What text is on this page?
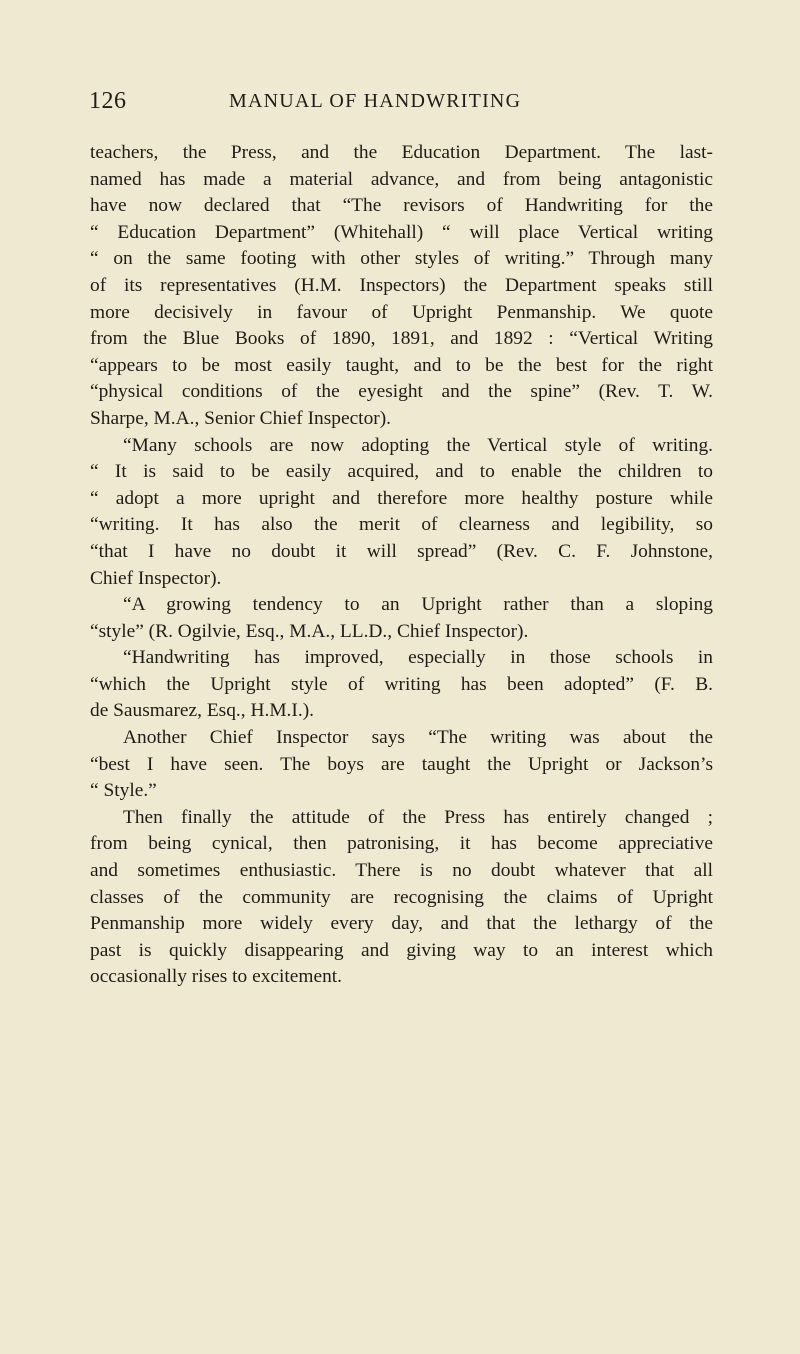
126	MANUAL OF HANDWRITING
teachers, the Press, and the Education Department. The last-
named has made a material advance, and from being antagonistic
have now declared that “The revisors of Handwriting for the
“ Education Department” (Whitehall) “ will place Vertical writing
“ on the same footing with other styles of writing.” Through many
of its representatives (H.M. Inspectors) the Department speaks still
more decisively in favour of Upright Penmanship. We quote
from the Blue Books of 1890, 1891, and 1892 : “Vertical Writing
“appears to be most easily taught, and to be the best for the right
“physical conditions of the eyesight and the spine” (Rev. T. W.
Sharpe, M.A., Senior Chief Inspector).
“Many schools are now adopting the Vertical style of writing.
“ It is said to be easily acquired, and to enable the children to
“ adopt a more upright and therefore more healthy posture while
“writing. It has also the merit of clearness and legibility, so
“that I have no doubt it will spread” (Rev. C. F. Johnstone,
Chief Inspector).
“A growing tendency to an Upright rather than a sloping
“style” (R. Ogilvie, Esq., M.A., LL.D., Chief Inspector).
“Handwriting has improved, especially in those schools in
“which the Upright style of writing has been adopted” (F. B.
de Sausmarez, Esq., H.M.I.).
Another Chief Inspector says “The writing was about the
“best I have seen. The boys are taught the Upright or Jackson’s
“ Style.”
Then finally the attitude of the Press has entirely changed ;
from being cynical, then patronising, it has become appreciative
and sometimes enthusiastic. There is no doubt whatever that all
classes of the community are recognising the claims of Upright
Penmanship more widely every day, and that the lethargy of the
past is quickly disappearing and giving way to an interest which
occasionally rises to excitement.
